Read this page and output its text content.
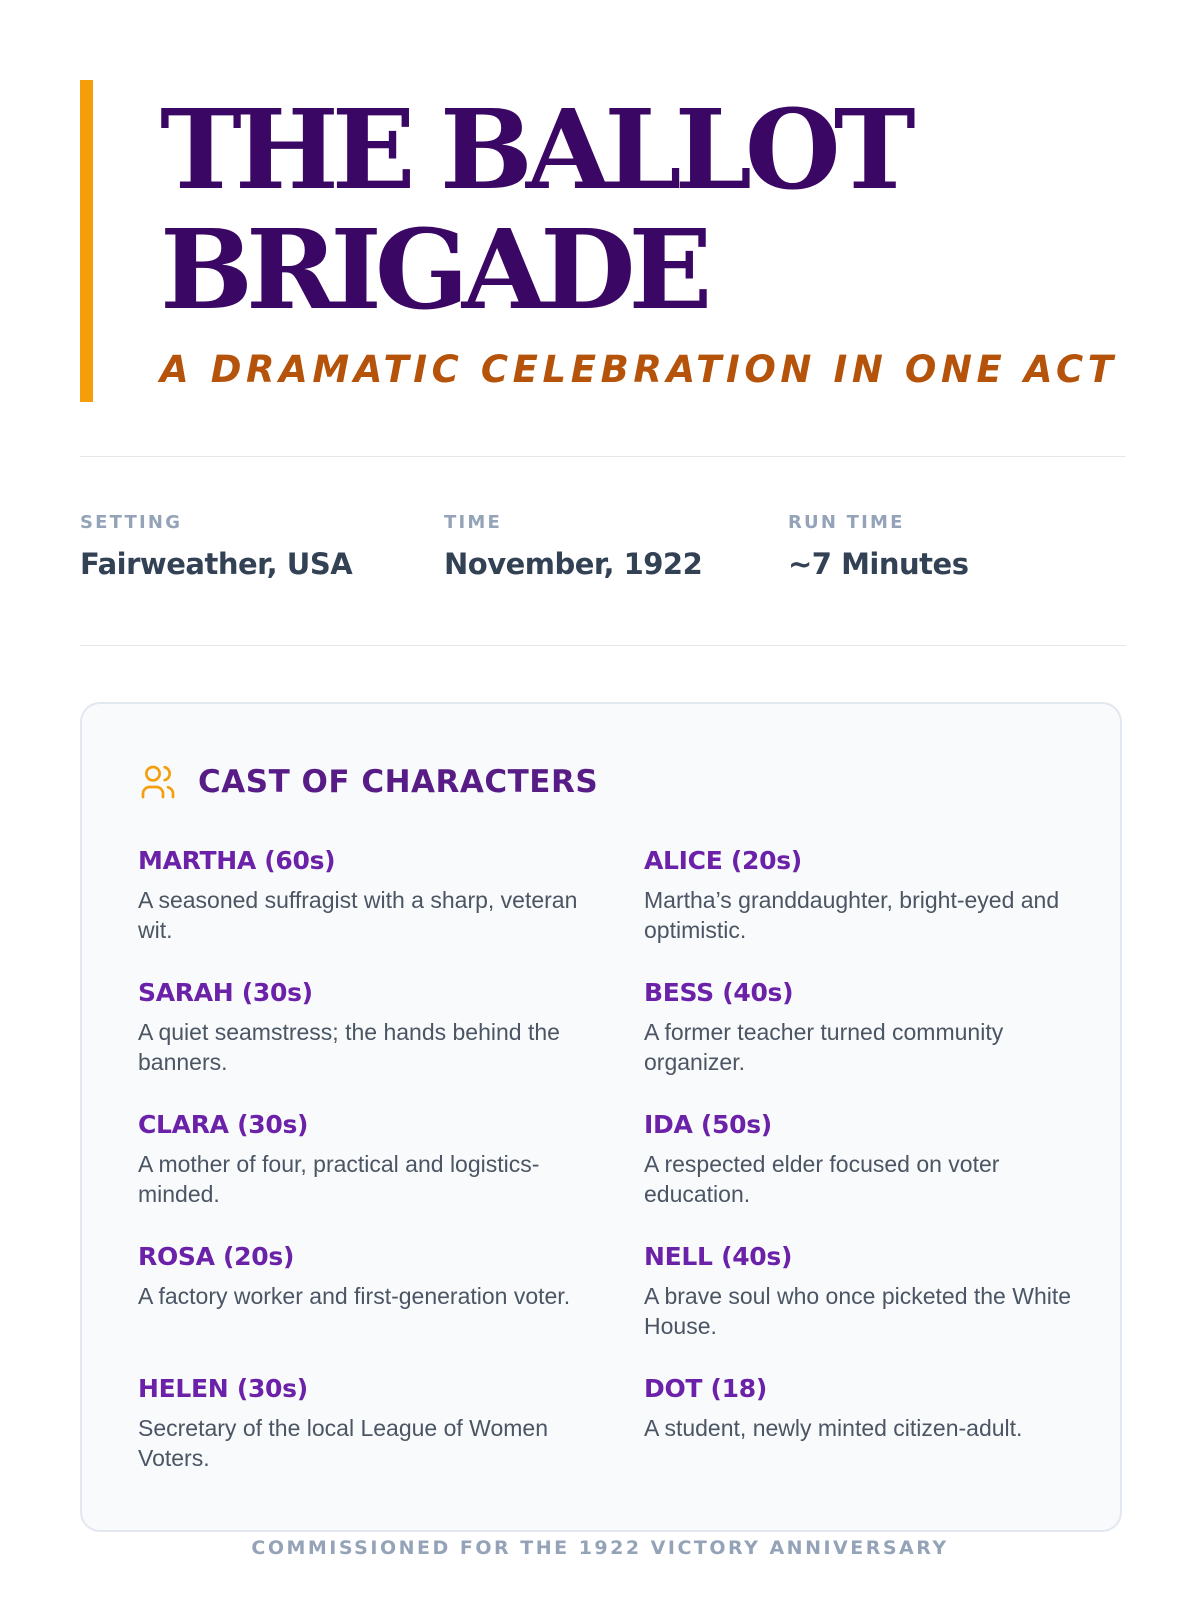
THE BALLOT
BRIGADE

A DRAMATIC CELEBRATION IN ONE ACT

SETTING

Fairweather, USA

TIME

November, 1922

RUN TIME

~7 Minutes

CAST OF CHARACTERS

MARTHA (60s)

A seasoned suffragist with a sharp, veteran wit.

ALICE (20s)

Martha’s granddaughter, bright-eyed and optimistic.

SARAH (30s)

A quiet seamstress; the hands behind the banners.

BESS (40s)

A former teacher turned community organizer.

CLARA (30s)

A mother of four, practical and logistics-minded.

IDA (50s)

A respected elder focused on voter education.

ROSA (20s)

A factory worker and first-generation voter.

NELL (40s)

A brave soul who once picketed the White House.

HELEN (30s)

Secretary of the local League of Women Voters.

DOT (18)

A student, newly minted citizen-adult.

COMMISSIONED FOR THE 1922 VICTORY ANNIVERSARY
